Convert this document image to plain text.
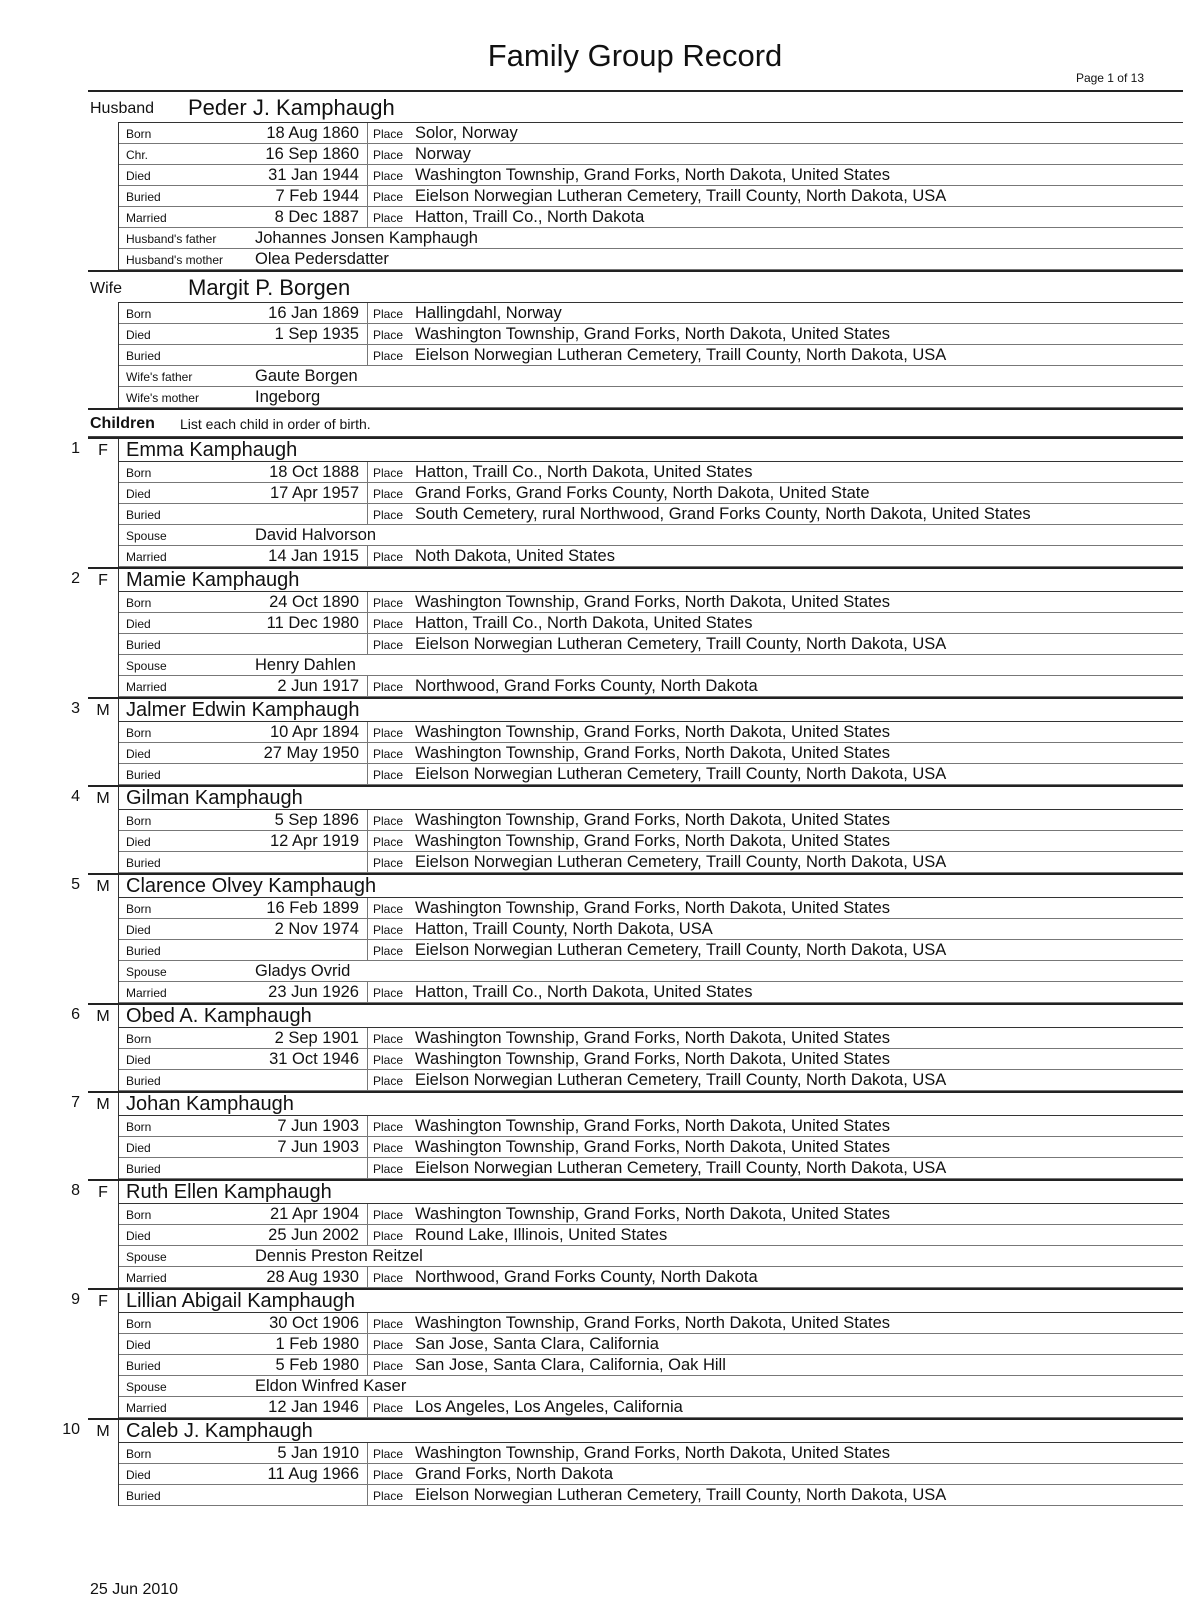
Family Group Record
Page 1 of 13
Husband Peder J. Kamphaugh
Born	18 Aug 1860 Place Solor, Norway
Chr.	16 Sep 1860 Place Norway
Died	31 Jan 1944 Place Washington Township, Grand Forks, North Dakota, United States
Buried	7 Feb 1944 Place Eielson Norwegian Lutheran Cemetery, Traill County, North Dakota, USA
Married	8 Dec 1887 Place Hatton, Traill Co., North Dakota
Husband's father Johannes Jonsen Kamphaugh
Husband's mother Olea Pedersdatter
Wife	Margit P. Borgen
Born	16 Jan 1869 Place Hallingdahl, Norway
Died	1 Sep 1935 Place Washington Township, Grand Forks, North Dakota, United States
Buried	Place Eielson Norwegian Lutheran Cemetery, Traill County, North Dakota, USA
Wife's father	Gaute Borgen
Wife's mother	Ingeborg
Children List each child in order of birth.
1	F Emma Kamphaugh
Born	18 Oct 1888 Place Hatton, Traill Co., North Dakota, United States
Died	17 Apr 1957 Place Grand Forks, Grand Forks County, North Dakota, United State
Buried	Place South Cemetery, rural Northwood, Grand Forks County, North Dakota, United States
Spouse	David Halvorson
Married	14 Jan 1915 Place Noth Dakota, United States
2	F Mamie Kamphaugh
Born	24 Oct 1890 Place Washington Township, Grand Forks, North Dakota, United States
Died	11 Dec 1980 Place Hatton, Traill Co., North Dakota, United States
Buried	Place Eielson Norwegian Lutheran Cemetery, Traill County, North Dakota, USA
Spouse	Henry Dahlen
Married	2 Jun 1917 Place Northwood, Grand Forks County, North Dakota
3	M Jalmer Edwin Kamphaugh
Born	10 Apr 1894 Place Washington Township, Grand Forks, North Dakota, United States
Died	27 May 1950 Place Washington Township, Grand Forks, North Dakota, United States
Buried	Place Eielson Norwegian Lutheran Cemetery, Traill County, North Dakota, USA
4	M Gilman Kamphaugh
Born	5 Sep 1896 Place Washington Township, Grand Forks, North Dakota, United States
Died	12 Apr 1919 Place Washington Township, Grand Forks, North Dakota, United States
Buried	Place Eielson Norwegian Lutheran Cemetery, Traill County, North Dakota, USA
5	M Clarence Olvey Kamphaugh
Born	16 Feb 1899 Place Washington Township, Grand Forks, North Dakota, United States
Died	2 Nov 1974 Place Hatton, Traill County, North Dakota, USA
Buried	Place Eielson Norwegian Lutheran Cemetery, Traill County, North Dakota, USA
Spouse	Gladys Ovrid
Married	23 Jun 1926 Place Hatton, Traill Co., North Dakota, United States
6	M Obed A. Kamphaugh
Born	2 Sep 1901 Place Washington Township, Grand Forks, North Dakota, United States
Died	31 Oct 1946 Place Washington Township, Grand Forks, North Dakota, United States
Buried	Place Eielson Norwegian Lutheran Cemetery, Traill County, North Dakota, USA
7	M Johan Kamphaugh
Born	7 Jun 1903 Place Washington Township, Grand Forks, North Dakota, United States
Died	7 Jun 1903 Place Washington Township, Grand Forks, North Dakota, United States
Buried	Place Eielson Norwegian Lutheran Cemetery, Traill County, North Dakota, USA
8	F Ruth Ellen Kamphaugh
Born	21 Apr 1904 Place Washington Township, Grand Forks, North Dakota, United States
Died	25 Jun 2002 Place Round Lake, Illinois, United States
Spouse	Dennis Preston Reitzel
Married	28 Aug 1930 Place Northwood, Grand Forks County, North Dakota
9	F Lillian Abigail Kamphaugh
Born	30 Oct 1906 Place Washington Township, Grand Forks, North Dakota, United States
Died	1 Feb 1980 Place San Jose, Santa Clara, California
Buried	5 Feb 1980 Place San Jose, Santa Clara, California, Oak Hill
Spouse	Eldon Winfred Kaser
Married	12 Jan 1946 Place Los Angeles, Los Angeles, California
10	M Caleb J. Kamphaugh
Born	5 Jan 1910 Place Washington Township, Grand Forks, North Dakota, United States
Died	11 Aug 1966 Place Grand Forks, North Dakota
Buried	Place Eielson Norwegian Lutheran Cemetery, Traill County, North Dakota, USA
25 Jun 2010
